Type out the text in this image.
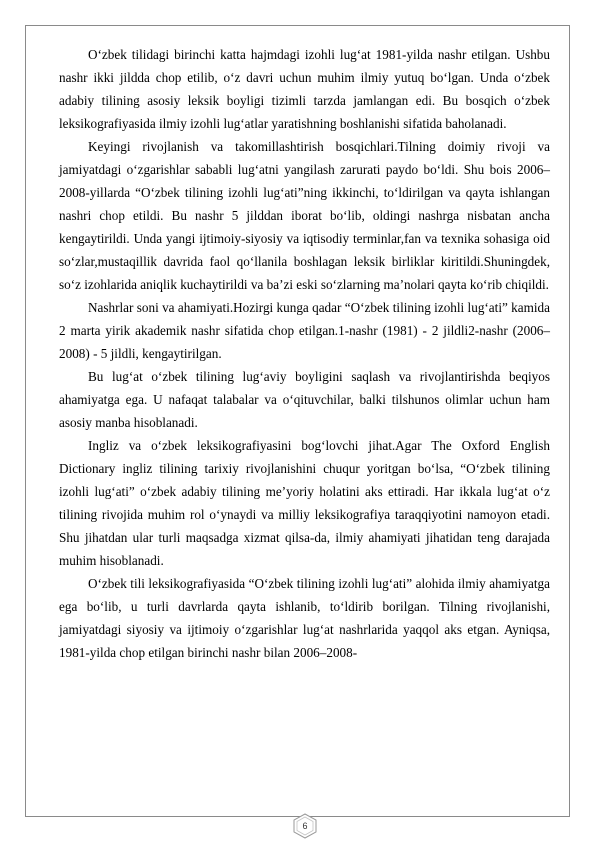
O‘zbek tilidagi birinchi katta hajmdagi izohli lug‘at 1981-yilda nashr etilgan. Ushbu nashr ikki jildda chop etilib, o‘z davri uchun muhim ilmiy yutuq bo‘lgan. Unda o‘zbek adabiy tilining asosiy leksik boyligi tizimli tarzda jamlangan edi. Bu bosqich o‘zbek leksikografiyasida ilmiy izohli lug‘atlar yaratishning boshlanishi sifatida baholanadi.

Keyingi rivojlanish va takomillashtirish bosqichlari.Tilning doimiy rivoji va jamiyatdagi o‘zgarishlar sababli lug‘atni yangilash zarurati paydo bo‘ldi. Shu bois 2006–2008-yillarda “O‘zbek tilining izohli lug‘ati”ning ikkinchi, to‘ldirilgan va qayta ishlangan nashri chop etildi. Bu nashr 5 jilddan iborat bo‘lib, oldingi nashrga nisbatan ancha kengaytirildi. Unda yangi ijtimoiy-siyosiy va iqtisodiy terminlar,fan va texnika sohasiga oid so‘zlar,mustaqillik davrida faol qo‘llanila boshlagan leksik birliklar kiritildi.Shuningdek, so‘z izohlarida aniqlik kuchaytirildi va ba’zi eski so‘zlarning ma’nolari qayta ko‘rib chiqildi.

Nashrlar soni va ahamiyati.Hozirgi kunga qadar “O‘zbek tilining izohli lug‘ati” kamida 2 marta yirik akademik nashr sifatida chop etilgan.1-nashr (1981) - 2 jildli2-nashr (2006–2008) - 5 jildli, kengaytirilgan.

Bu lug‘at o‘zbek tilining lug‘aviy boyligini saqlash va rivojlantirishda beqiyos ahamiyatga ega. U nafaqat talabalar va o‘qituvchilar, balki tilshunos olimlar uchun ham asosiy manba hisoblanadi.

Ingliz va o‘zbek leksikografiyasini bog‘lovchi jihat.Agar The Oxford English Dictionary ingliz tilining tarixiy rivojlanishini chuqur yoritgan bo‘lsa, “O‘zbek tilining izohli lug‘ati” o‘zbek adabiy tilining me’yoriy holatini aks ettiradi. Har ikkala lug‘at o‘z tilining rivojida muhim rol o‘ynaydi va milliy leksikografiya taraqqiyotini namoyon etadi. Shu jihatdan ular turli maqsadga xizmat qilsa-da, ilmiy ahamiyati jihatidan teng darajada muhim hisoblanadi.

O‘zbek tili leksikografiyasida “O‘zbek tilining izohli lug‘ati” alohida ilmiy ahamiyatga ega bo‘lib, u turli davrlarda qayta ishlanib, to‘ldirib borilgan. Tilning rivojlanishi, jamiyatdagi siyosiy va ijtimoiy o‘zgarishlar lug‘at nashrlarida yaqqol aks etgan. Ayniqsa, 1981-yilda chop etilgan birinchi nashr bilan 2006–2008-

6
